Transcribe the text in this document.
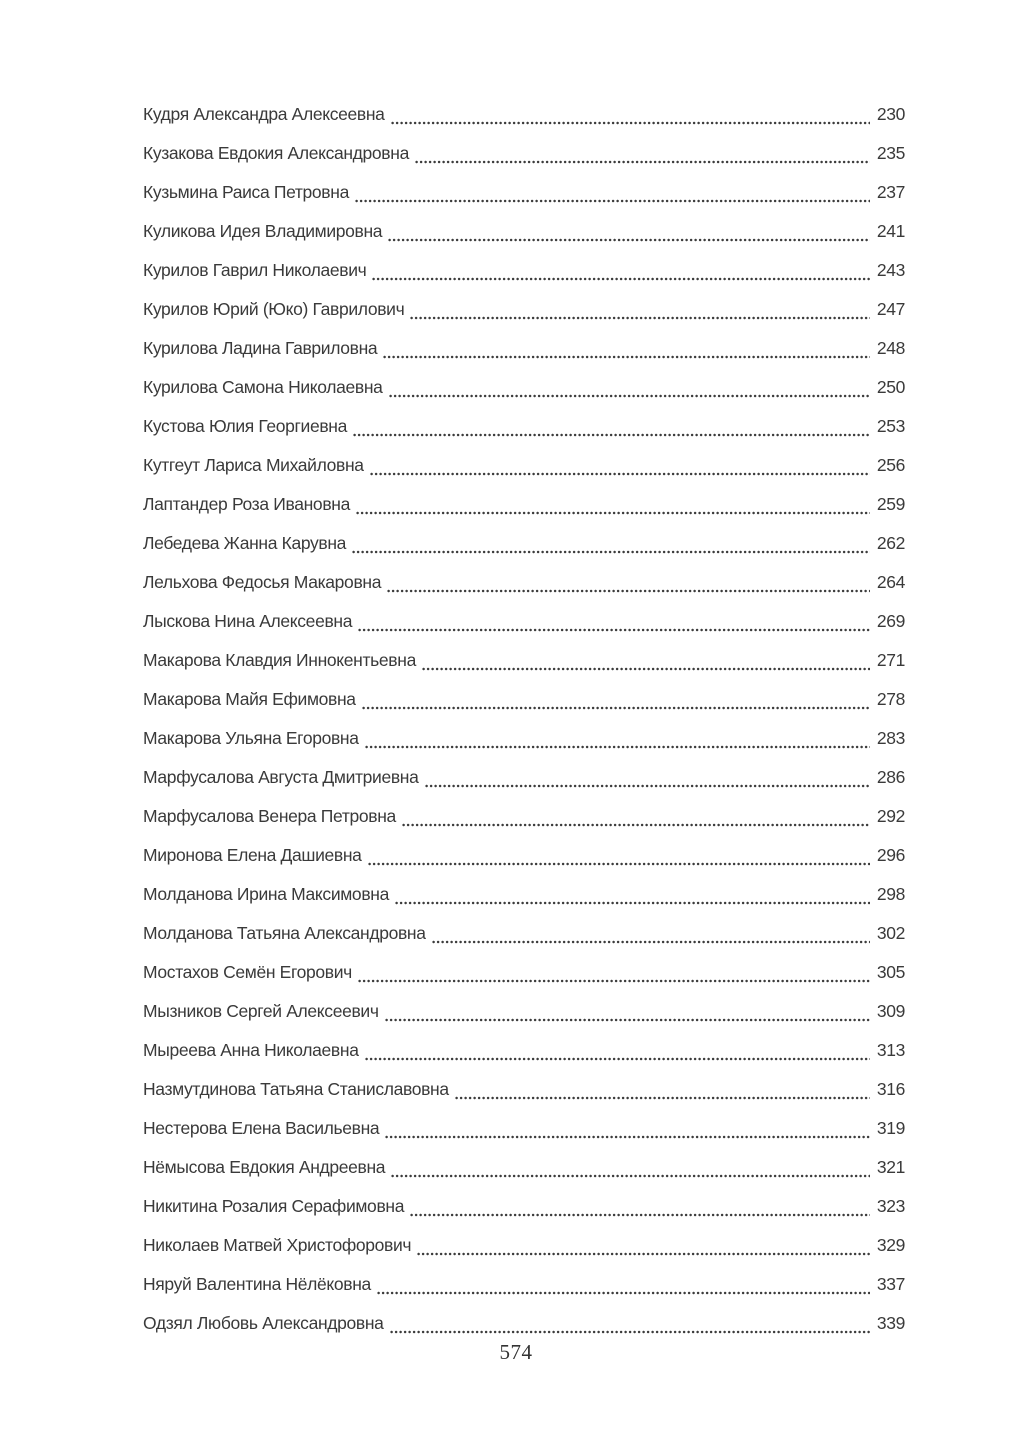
Кудря Александра Алексеевна	230
Кузакова Евдокия Александровна	235
Кузьмина Раиса Петровна	237
Куликова Идея Владимировна	241
Курилов Гаврил Николаевич	243
Курилов Юрий (Юко) Гаврилович	247
Курилова Ладина Гавриловна	248
Курилова Самона Николаевна	250
Кустова Юлия Георгиевна	253
Кутгеут Лариса Михайловна	256
Лаптандер Роза Ивановна	259
Лебедева Жанна Карувна	262
Лельхова Федосья Макаровна	264
Лыскова Нина Алексеевна	269
Макарова Клавдия Иннокентьевна	271
Макарова Майя Ефимовна	278
Макарова Ульяна Егоровна	283
Марфусалова Августа Дмитриевна	286
Марфусалова Венера Петровна	292
Миронова Елена Дашиевна	296
Молданова Ирина Максимовна	298
Молданова Татьяна Александровна	302
Мостахов Семён Егорович	305
Мызников Сергей Алексеевич	309
Мыреева Анна Николаевна	313
Назмутдинова Татьяна Станиславовна	316
Нестерова Елена Васильевна	319
Нёмысова Евдокия Андреевна	321
Никитина Розалия Серафимовна	323
Николаев Матвей Христофорович	329
Няруй Валентина Нёлёковна	337
Одзял Любовь Александровна	339
574
